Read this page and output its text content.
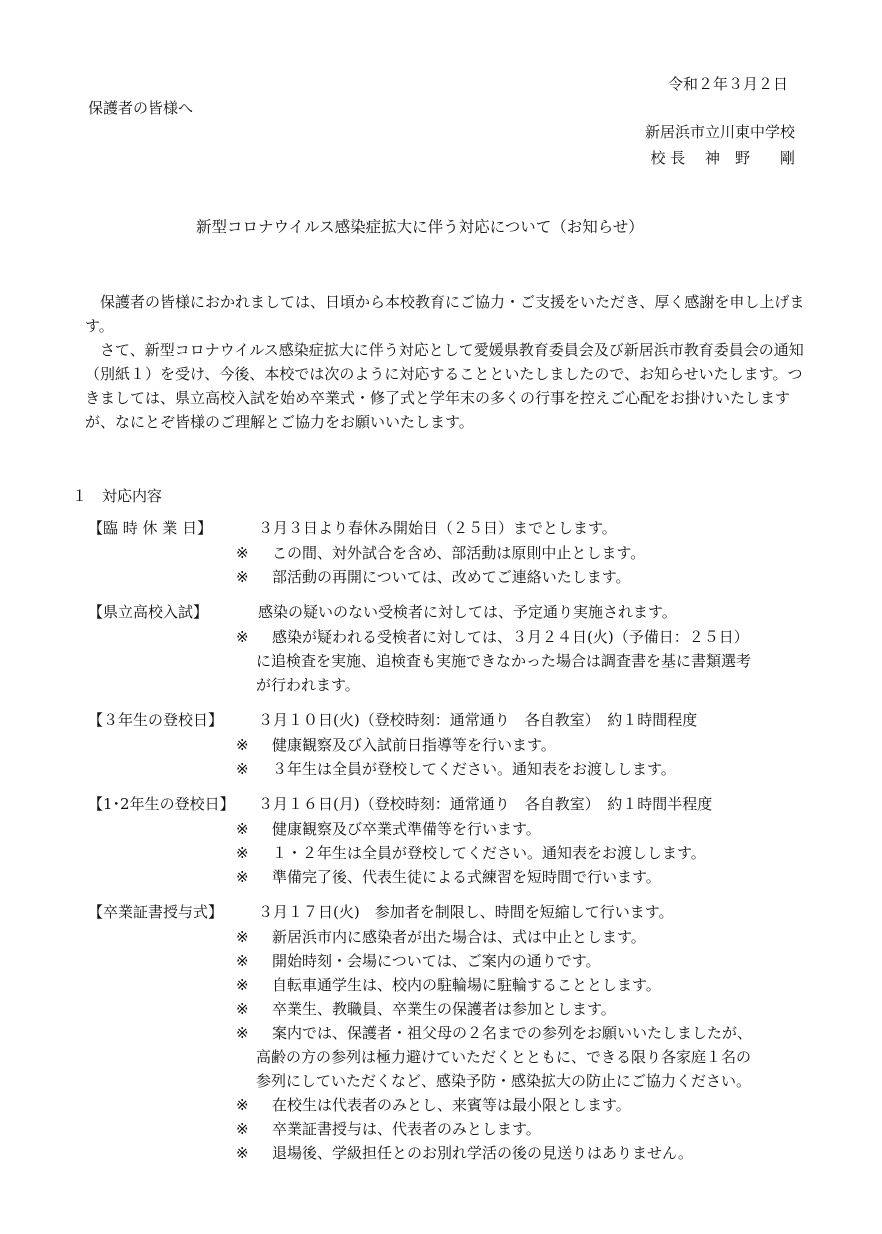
令和２年３月２日
保護者の皆様へ
新居浜市立川東中学校
校 長　 神　野　　剛
新型コロナウイルス感染症拡大に伴う対応について（お知らせ）
保護者の皆様におかれましては、日頃から本校教育にご協力・ご支援をいただき、厚く感謝を申し上げます。
さて、新型コロナウイルス感染症拡大に伴う対応として愛媛県教育委員会及び新居浜市教育委員会の通知（別紙１）を受け、今後、本校では次のように対応することといたしましたので、お知らせいたします。つきましては、県立高校入試を始め卒業式・修了式と学年末の多くの行事を控えご心配をお掛けいたしますが、なにとぞ皆様のご理解とご協力をお願いいたします。
１　対応内容
【臨 時 休 業 日】	３月３日より春休み開始日（２５日）までとします。
※ この間、対外試合を含め、部活動は原則中止とします。
※ 部活動の再開については、改めてご連絡いたします。
【県立高校入試】	感染の疑いのない受検者に対しては、予定通り実施されます。
※ 感染が疑われる受検者に対しては、３月２４日(火)（予備日：２５日）
に追検査を実施、追検査も実施できなかった場合は調査書を基に書類選考
が行われます。
【３年生の登校日】 ３月１０日(火)（登校時刻：通常通り　各自教室）　約１時間程度
※ 健康観察及び入試前日指導等を行います。
※ ３年生は全員が登校してください。通知表をお渡しします。
【1･2年生の登校日】 ３月１６日(月)（登校時刻：通常通り　各自教室）　約１時間半程度
※ 健康観察及び卒業式準備等を行います。
※ １・２年生は全員が登校してください。通知表をお渡しします。
※ 準備完了後、代表生徒による式練習を短時間で行います。
【卒業証書授与式】 ３月１７日(火)　参加者を制限し、時間を短縮して行います。
※ 新居浜市内に感染者が出た場合は、式は中止とします。
※ 開始時刻・会場については、ご案内の通りです。
※ 自転車通学生は、校内の駐輪場に駐輪することとします。
※ 卒業生、教職員、卒業生の保護者は参加とします。
※ 案内では、保護者・祖父母の２名までの参列をお願いいたしましたが、
高齢の方の参列は極力避けていただくとともに、できる限り各家庭１名の
参列にしていただくなど、感染予防・感染拡大の防止にご協力ください。
※ 在校生は代表者のみとし、来賓等は最小限とします。
※ 卒業証書授与は、代表者のみとします。
※ 退場後、学級担任とのお別れ学活の後の見送りはありません。
